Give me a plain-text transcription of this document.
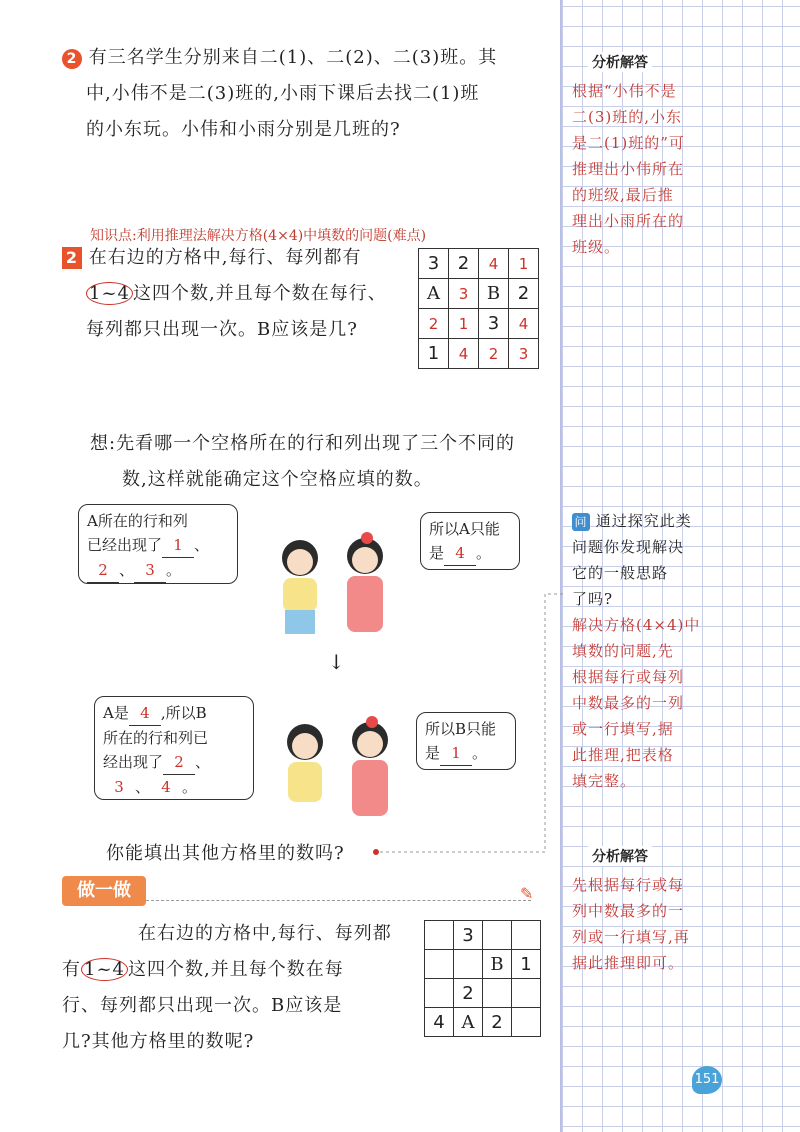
分析解答
根据“小伟不是
二(3)班的,小东
是二(1)班的”可
推理出小伟所在
的班级,最后推
理出小雨所在的
班级。
问 通过探究此类
问题你发现解决
它的一般思路
了吗?
解决方格(4×4)中
填数的问题,先
根据每行或每列
中数最多的一列
或一行填写,据
此推理,把表格
填完整。
分析解答
先根据每行或每
列中数最多的一
列或一行填写,再
据此推理即可。
2 有三名学生分别来自二(1)、二(2)、二(3)班。其
中,小伟不是二(3)班的,小雨下课后去找二(1)班
的小东玩。小伟和小雨分别是几班的?
知识点:利用推理法解决方格(4×4)中填数的问题(难点)
2 在右边的方格中,每行、每列都有
1~4 这四个数,并且每个数在每行、
每列都只出现一次。B应该是几?
3	2	4	1
A	3	B	2
2	1	3	4
1	4	2	3
想:先看哪一个空格所在的行和列出现了三个不同的
数,这样就能确定这个空格应填的数。
A所在的行和列
已经出现了 1 、
2 、 3 。
所以A只能
是 4 。
↓
A是 4 ,所以B
所在的行和列已
经出现了 2 、
3 、 4 。
所以B只能
是 1 。
你能填出其他方格里的数吗?
做一做	✎
在右边的方格中,每行、每列都
有 1~4 这四个数,并且每个数在每
行、每列都只出现一次。B应该是
几?其他方格里的数呢?
	3		
		B	1
	2		
4	A	2	
151
